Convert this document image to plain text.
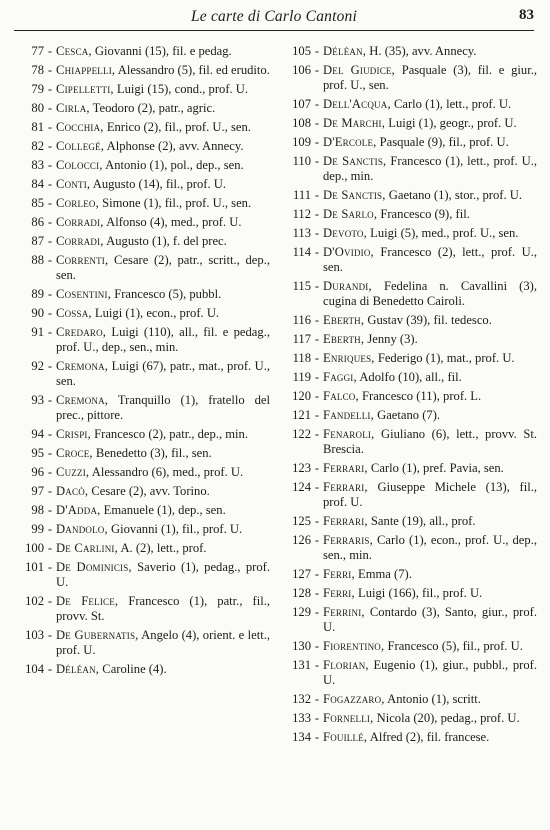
Le carte di Carlo Cantoni	83
77 - Cesca, Giovanni (15), fil. e pedag.
78 - Chiappelli, Alessandro (5), fil. ed erudito.
79 - Cipelletti, Luigi (15), cond., prof. U.
80 - Cirla, Teodoro (2), patr., agric.
81 - Cocchia, Enrico (2), fil., prof. U., sen.
82 - Collegé, Alphonse (2), avv. Annecy.
83 - Colocci, Antonio (1), pol., dep., sen.
84 - Conti, Augusto (14), fil., prof. U.
85 - Corleo, Simone (1), fil., prof. U., sen.
86 - Corradi, Alfonso (4), med., prof. U.
87 - Corradi, Augusto (1), f. del prec.
88 - Correnti, Cesare (2), patr., scritt., dep., sen.
89 - Cosentini, Francesco (5), pubbl.
90 - Cossa, Luigi (1), econ., prof. U.
91 - Credaro, Luigi (110), all., fil. e pedag., prof. U., dep., sen., min.
92 - Cremona, Luigi (67), patr., mat., prof. U., sen.
93 - Cremona, Tranquillo (1), fratello del prec., pittore.
94 - Crispi, Francesco (2), patr., dep., min.
95 - Croce, Benedetto (3), fil., sen.
96 - Cuzzi, Alessandro (6), med., prof. U.
97 - Dacò, Cesare (2), avv. Torino.
98 - D'Adda, Emanuele (1), dep., sen.
99 - Dandolo, Giovanni (1), fil., prof. U.
100 - De Carlini, A. (2), lett., prof.
101 - De Dominicis, Saverio (1), pedag., prof. U.
102 - De Felice, Francesco (1), patr., fil., provv. St.
103 - De Gubernatis, Angelo (4), orient. e lett., prof. U.
104 - Déléan, Caroline (4).
105 - Déléan, H. (35), avv. Annecy.
106 - Del Giudice, Pasquale (3), fil. e giur., prof. U., sen.
107 - Dell'Acqua, Carlo (1), lett., prof. U.
108 - De Marchi, Luigi (1), geogr., prof. U.
109 - D'Ercole, Pasquale (9), fil., prof. U.
110 - De Sanctis, Francesco (1), lett., prof. U., dep., min.
111 - De Sanctis, Gaetano (1), stor., prof. U.
112 - De Sarlo, Francesco (9), fil.
113 - Devoto, Luigi (5), med., prof. U., sen.
114 - D'Ovidio, Francesco (2), lett., prof. U., sen.
115 - Durandi, Fedelina n. Cavallini (3), cugina di Benedetto Cairoli.
116 - Eberth, Gustav (39), fil. tedesco.
117 - Eberth, Jenny (3).
118 - Enriques, Federigo (1), mat., prof. U.
119 - Faggi, Adolfo (10), all., fil.
120 - Falco, Francesco (11), prof. L.
121 - Fandelli, Gaetano (7).
122 - Fenaroli, Giuliano (6), lett., provv. St. Brescia.
123 - Ferrari, Carlo (1), pref. Pavia, sen.
124 - Ferrari, Giuseppe Michele (13), fil., prof. U.
125 - Ferrari, Sante (19), all., prof.
126 - Ferraris, Carlo (1), econ., prof. U., dep., sen., min.
127 - Ferri, Emma (7).
128 - Ferri, Luigi (166), fil., prof. U.
129 - Ferrini, Contardo (3), Santo, giur., prof. U.
130 - Fiorentino, Francesco (5), fil., prof. U.
131 - Florian, Eugenio (1), giur., pubbl., prof. U.
132 - Fogazzaro, Antonio (1), scritt.
133 - Fornelli, Nicola (20), pedag., prof. U.
134 - Fouillé, Alfred (2), fil. francese.
